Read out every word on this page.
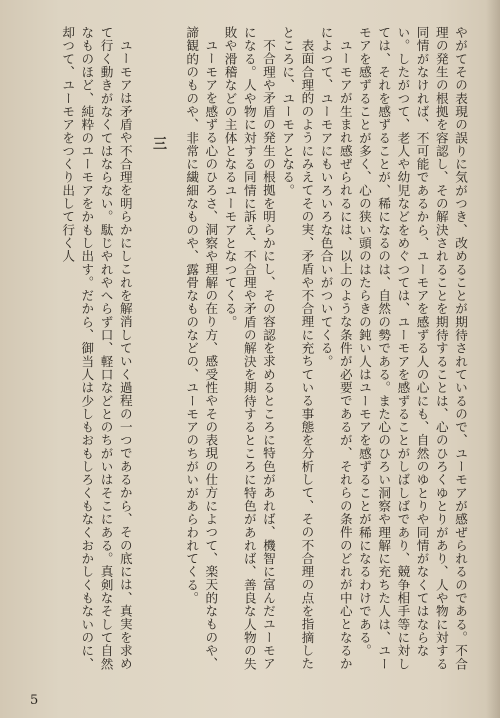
やがてその表現の誤りに気がつき、改めることが期待されているので、ユーモアが感ぜられるのである。不合理の発生の根拠を容認し、その解決されることを期待することは、心のひろくゆとりがあり、人や物に対する同情がなければ、不可能であるから、ユーモアを感ずる人の心にも、自然のゆとりや同情がなくてはならない。したがつて、老人や幼児などをめぐつては、ユーモアを感ずることがしばしばであり、競争相手等に対しては、それを感ずることが、稀になるのは、自然の勢である。また心のひろい洞察や理解に充ちた人は、ユーモアを感ずることが多く、心の狭い頭のはたらきの鈍い人はユーモアを感ずることが稀になるわけである。

ユーモアが生まれ感ぜられるには、以上のような条件が必要であるが、それらの条件のどれが中心となるかによつて、ユーモアにもいろいろな色合いがついてくる。

表面合理的のようにみえてその実、矛盾や不合理に充ちている事態を分析して、その不合理の点を指摘したところに、ユーモアとなる。

不合理や矛盾の発生の根拠を明らかにし、その容認を求めるところに特色があれば、機智に富んだユーモアになる。人や物に対する同情に訴え、不合理や矛盾の解決を期待するところに特色があれば、善良な人物の失敗や滑稽などの主体となるユーモアとなつてくる。

ユーモアを感ずる心のひろさ、洞察や理解の在り方、感受性やその表現の仕方によつて、楽天的なものや、諦観的のものや、非常に繊細なものや、露骨なものなどの、ユーモアのちがいがあらわれてくる。

三

ユーモアは矛盾や不合理を明らかにしこれを解消していく過程の一つであるから、その底には、真実を求めて行く動きがなくてはならない。駄じやれやへらず口、軽口などとのちがいはそこにある。真剣なそして自然なものほど、純粋のユーモアをかもし出す。だから、御当人は少しもおもしろくもなくおかしくもないのに、却つて、ユーモアをつくり出して行く人

5
